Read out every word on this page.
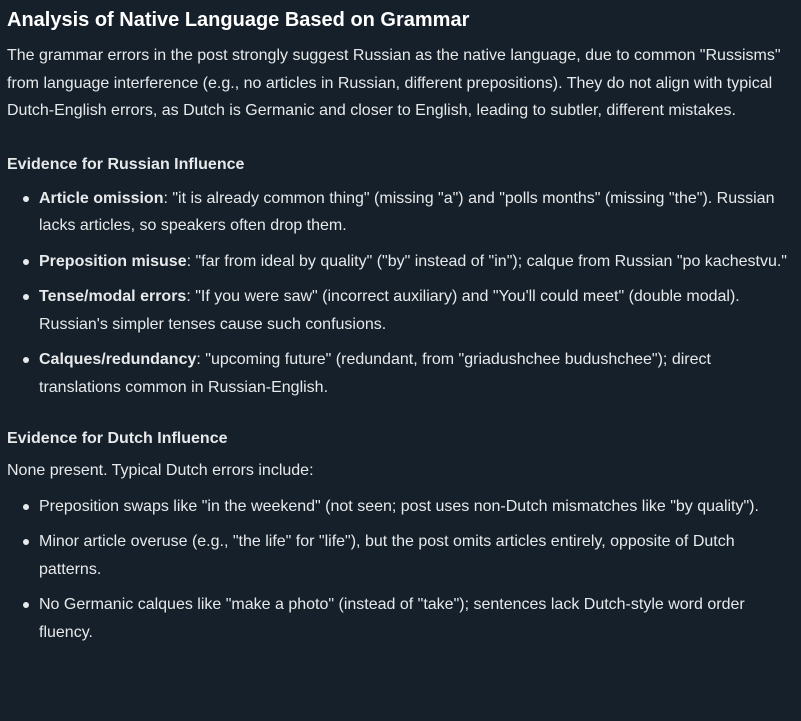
Analysis of Native Language Based on Grammar

The grammar errors in the post strongly suggest Russian as the native language, due to common "Russisms" from language interference (e.g., no articles in Russian, different prepositions). They do not align with typical Dutch-English errors, as Dutch is Germanic and closer to English, leading to subtler, different mistakes.

Evidence for Russian Influence
Article omission: "it is already common thing" (missing "a") and "polls months" (missing "the"). Russian lacks articles, so speakers often drop them.
Preposition misuse: "far from ideal by quality" ("by" instead of "in"); calque from Russian "po kachestvu."
Tense/modal errors: "If you were saw" (incorrect auxiliary) and "You'll could meet" (double modal). Russian's simpler tenses cause such confusions.
Calques/redundancy: "upcoming future" (redundant, from "griadushchee budushchee"); direct translations common in Russian-English.
Evidence for Dutch Influence

None present. Typical Dutch errors include:

Preposition swaps like "in the weekend" (not seen; post uses non-Dutch mismatches like "by quality").
Minor article overuse (e.g., "the life" for "life"), but the post omits articles entirely, opposite of Dutch patterns.
No Germanic calques like "make a photo" (instead of "take"); sentences lack Dutch-style word order fluency.
